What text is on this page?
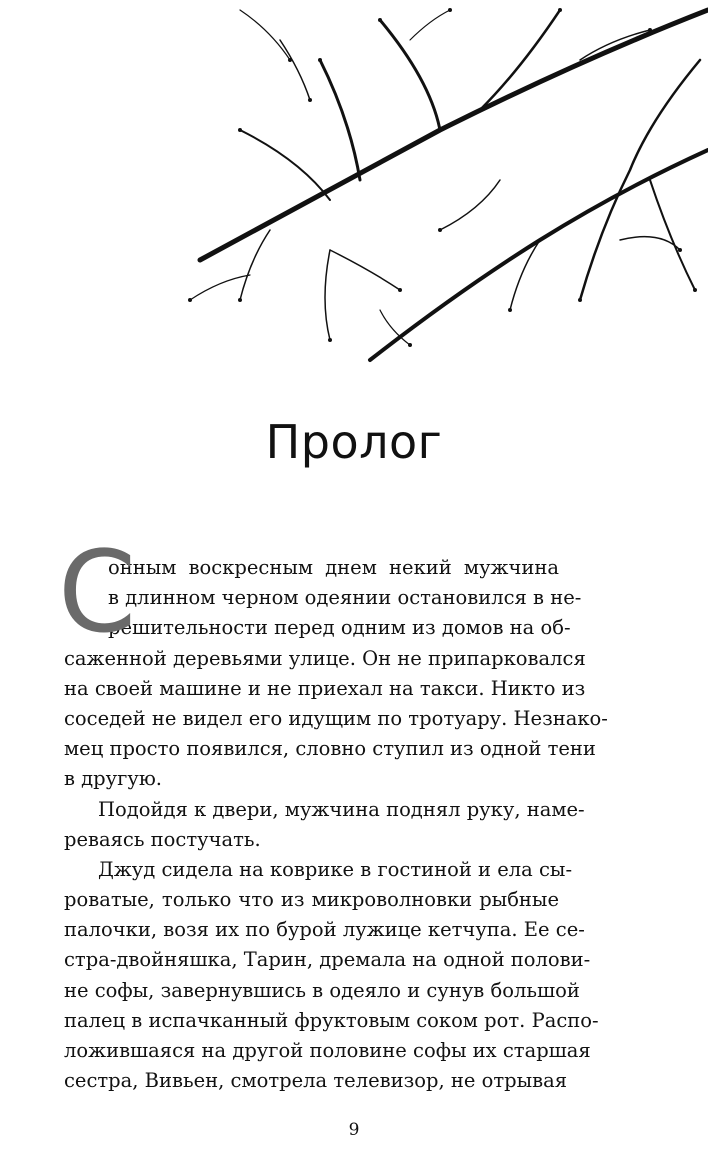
Пролог
С
онным воскресным днем некий мужчина
в длинном черном одеянии остановился в не-
решительности перед одним из домов на об-
саженной деревьями улице. Он не припарковался
на своей машине и не приехал на такси. Никто из
соседей не видел его идущим по тротуару. Незнако-
мец просто появился, словно ступил из одной тени
в другую.
Подойдя к двери, мужчина поднял руку, наме-
реваясь постучать.
Джуд сидела на коврике в гостиной и ела сы-
роватые, только что из микроволновки рыбные
палочки, возя их по бурой лужице кетчупа. Ее се-
стра-двойняшка, Тарин, дремала на одной полови-
не софы, завернувшись в одеяло и сунув большой
палец в испачканный фруктовым соком рот. Распо-
ложившаяся на другой половине софы их старшая
сестра, Вивьен, смотрела телевизор, не отрывая
9
